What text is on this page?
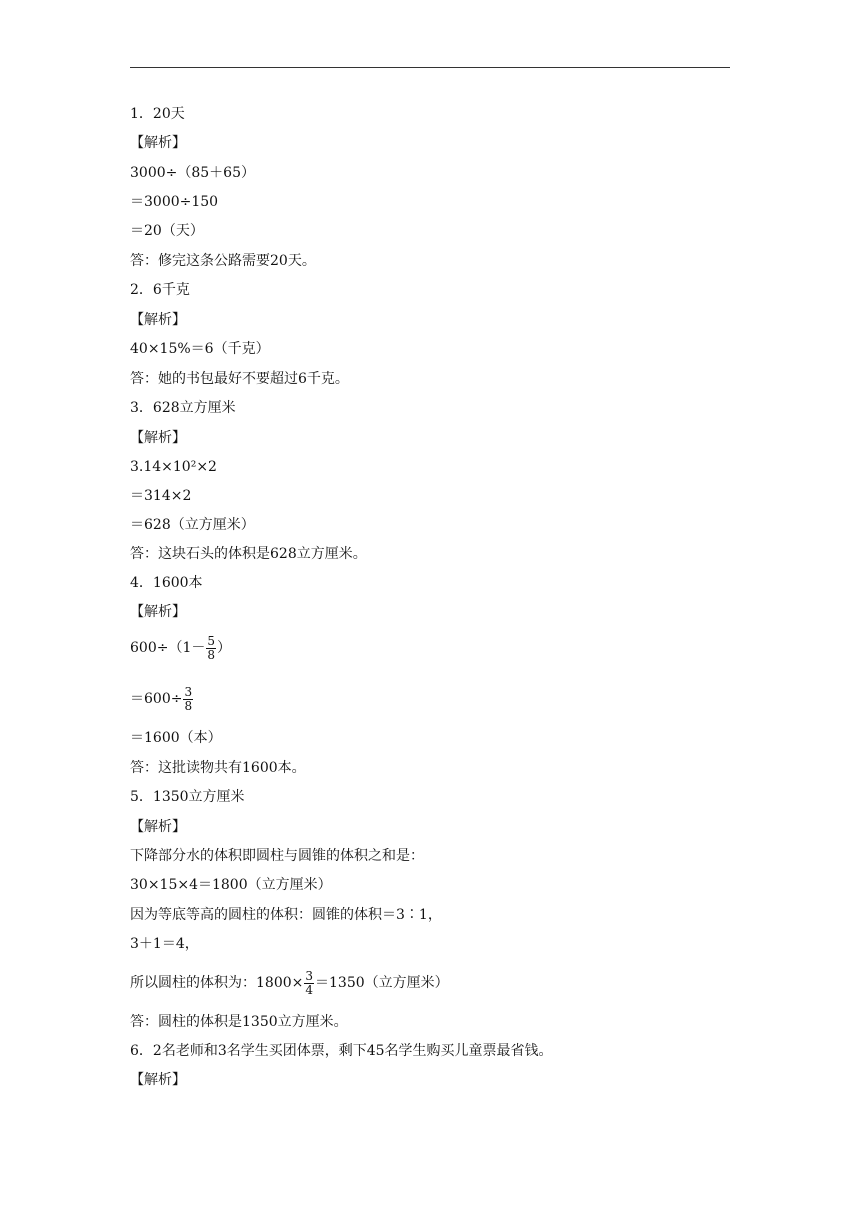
1．20天
【解析】
3000÷（85＋65）
＝3000÷150
＝20（天）
答：修完这条公路需要20天。
2．6千克
【解析】
40×15%＝6（千克）
答：她的书包最好不要超过6千克。
3．628立方厘米
【解析】
3.14×10²×2
＝314×2
＝628（立方厘米）
答：这块石头的体积是628立方厘米。
4．1600本
【解析】
$600\div(1- \frac{5}{8}$ ）
$=600\div \frac{3}{8}$
＝1600（本）
答：这批读物共有1600本。
5．1350立方厘米
【解析】
下降部分水的体积即圆柱与圆锥的体积之和是：
30×15×4＝1800（立方厘米）
因为等底等高的圆柱的体积：圆锥的体积＝3∶1，
3＋1＝4，
所以圆柱的体积为：$1800\times \frac{3}{4} =1350$（立方厘米）
答：圆柱的体积是1350立方厘米。
6．2名老师和3名学生买团体票，剩下45名学生购买儿童票最省钱。
【解析】
